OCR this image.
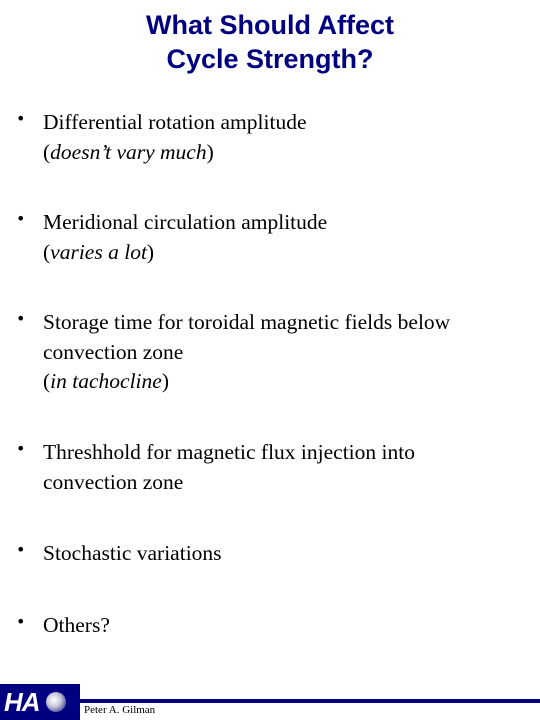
What Should Affect
Cycle Strength?
• Differential rotation amplitude
(doesn’t vary much)
• Meridional circulation amplitude
(varies a lot)
• Storage time for toroidal magnetic fields below
convection zone
(in tachocline)
• Threshhold for magnetic flux injection into
convection zone
• Stochastic variations
• Others?
HA	Peter A. Gilman
